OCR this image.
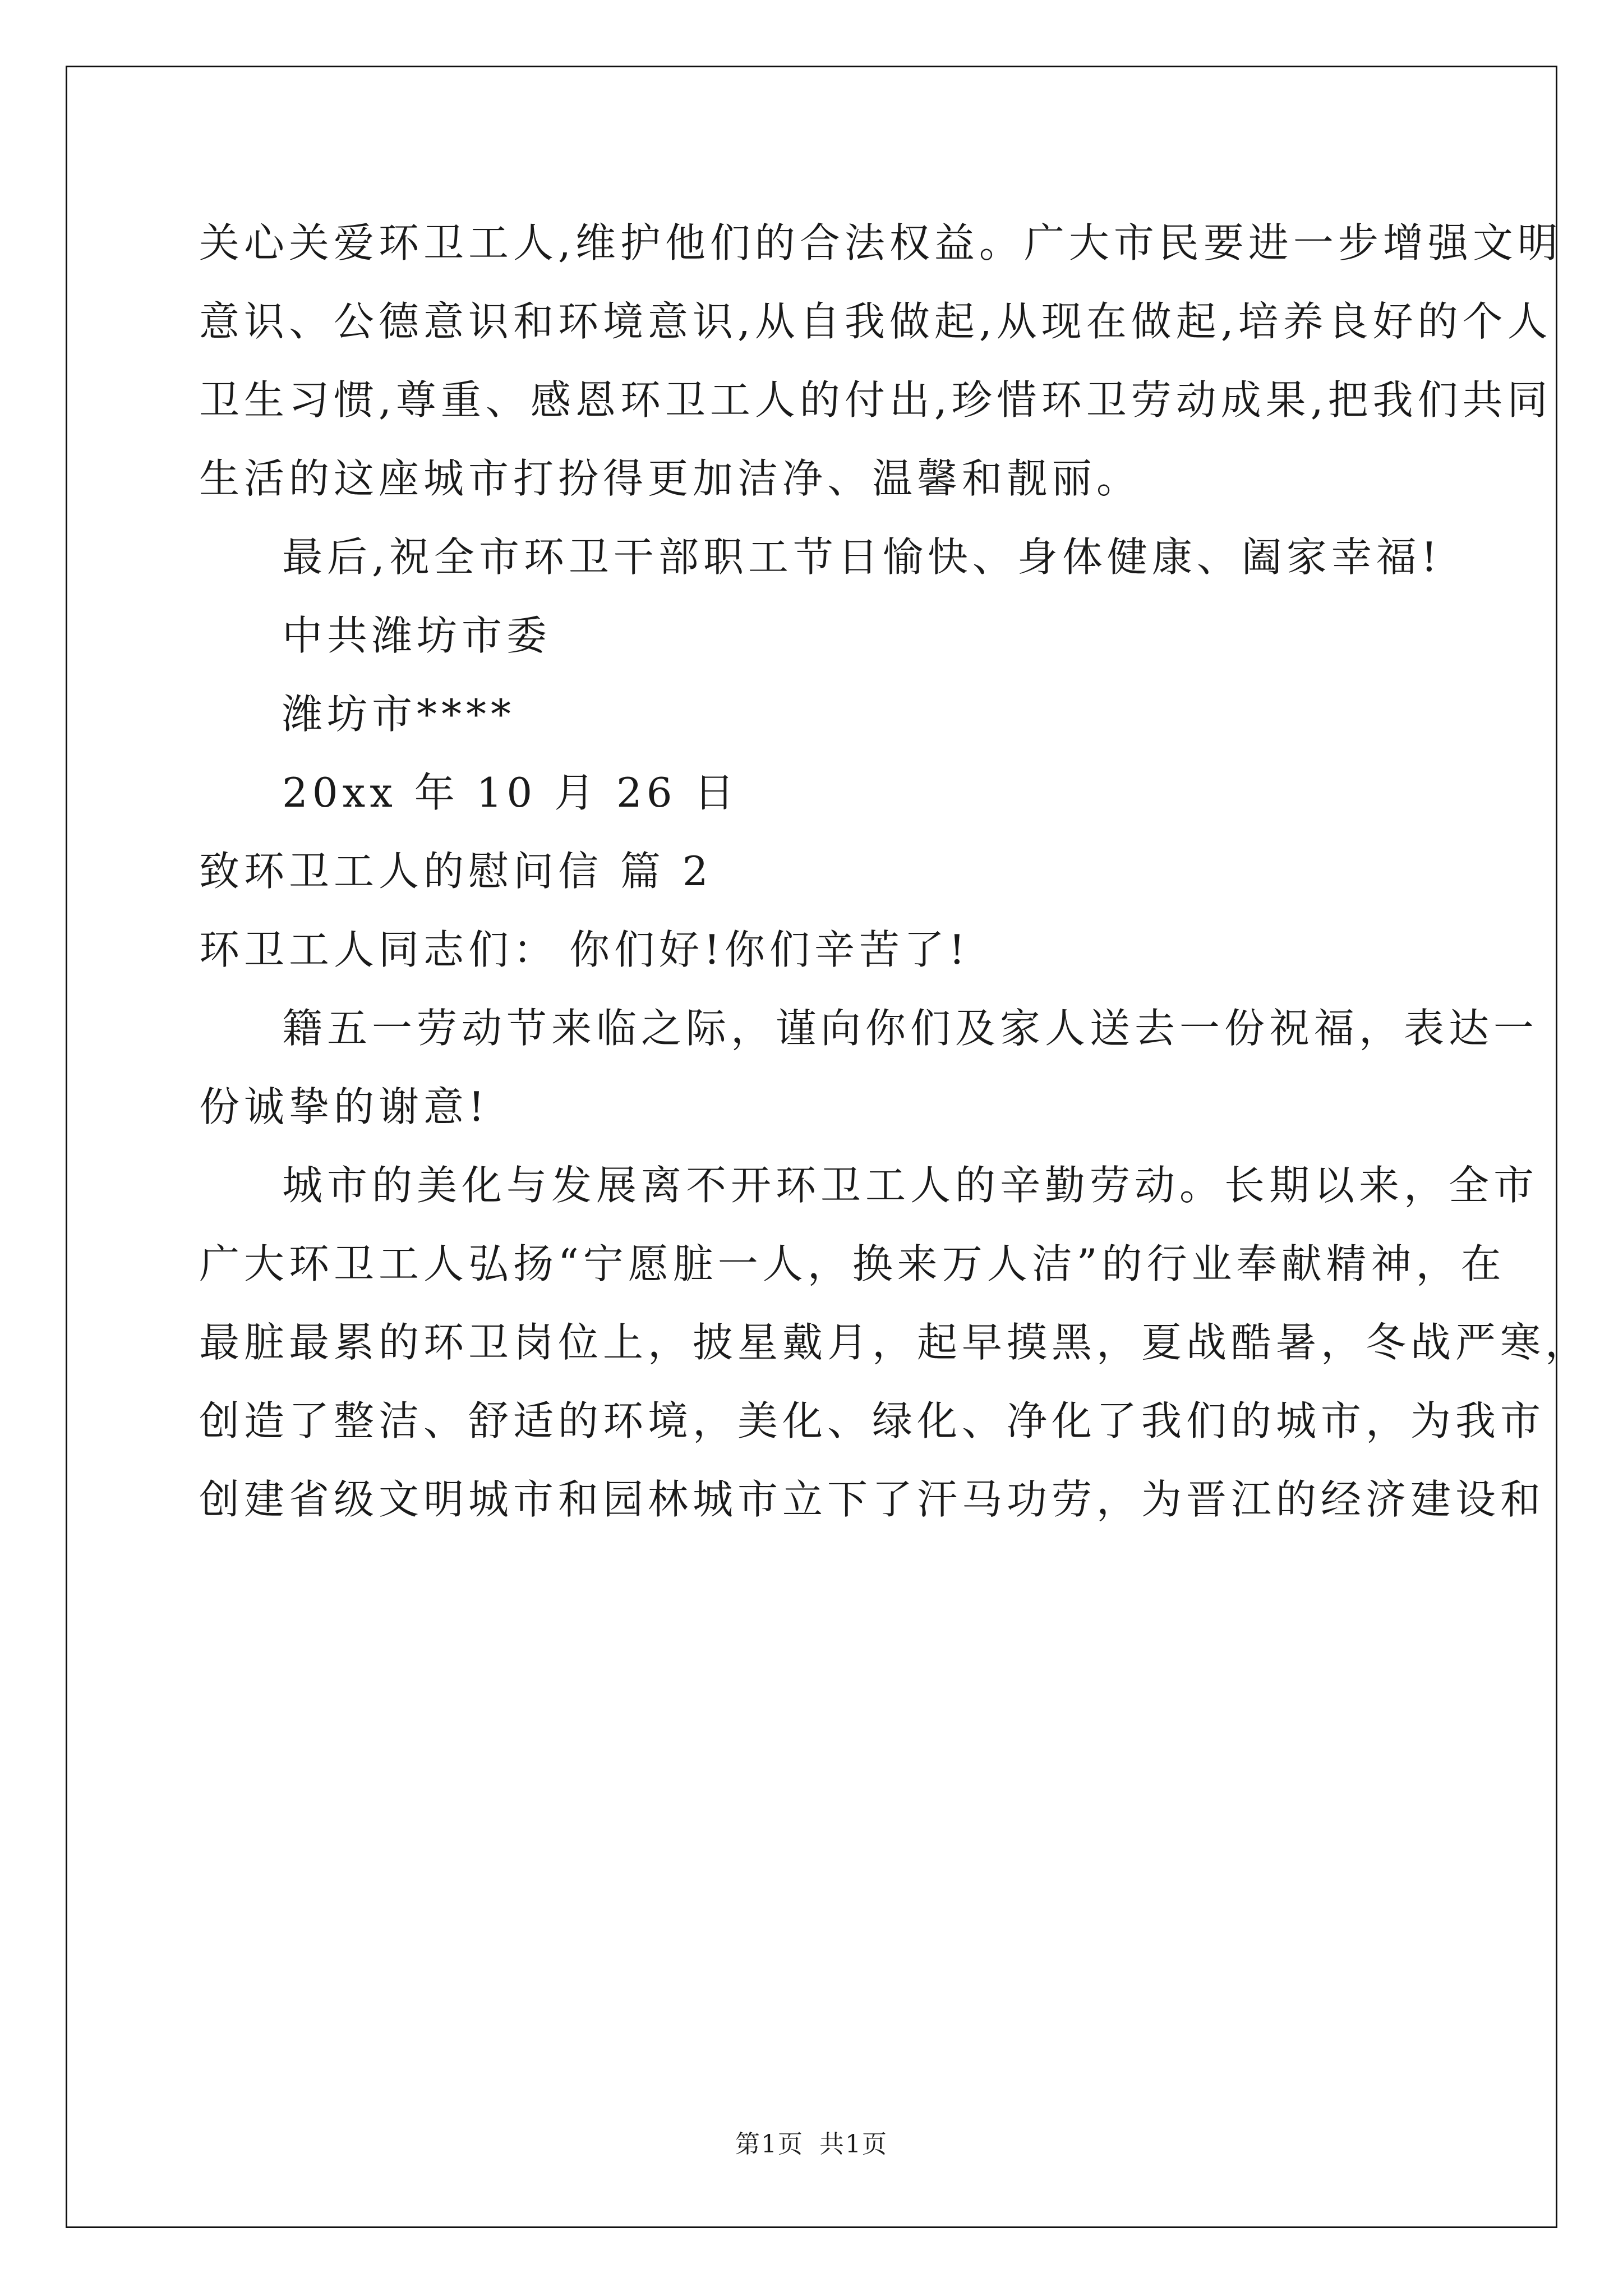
关心关爱环卫工人,维护他们的合法权益。广大市民要进一步增强文明
意识、公德意识和环境意识,从自我做起,从现在做起,培养良好的个人
卫生习惯,尊重、感恩环卫工人的付出,珍惜环卫劳动成果,把我们共同
生活的这座城市打扮得更加洁净、温馨和靓丽。
最后,祝全市环卫干部职工节日愉快、身体健康、阖家幸福!
中共潍坊市委
潍坊市****
20xx 年 10 月 26 日
致环卫工人的慰问信 篇 2
环卫工人同志们： 你们好!你们辛苦了!
籍五一劳动节来临之际，谨向你们及家人送去一份祝福，表达一
份诚挚的谢意!
城市的美化与发展离不开环卫工人的辛勤劳动。长期以来，全市
广大环卫工人弘扬“宁愿脏一人，换来万人洁”的行业奉献精神，在
最脏最累的环卫岗位上，披星戴月，起早摸黑，夏战酷暑，冬战严寒，
创造了整洁、舒适的环境，美化、绿化、净化了我们的城市，为我市
创建省级文明城市和园林城市立下了汗马功劳，为晋江的经济建设和
第1页 共1页
